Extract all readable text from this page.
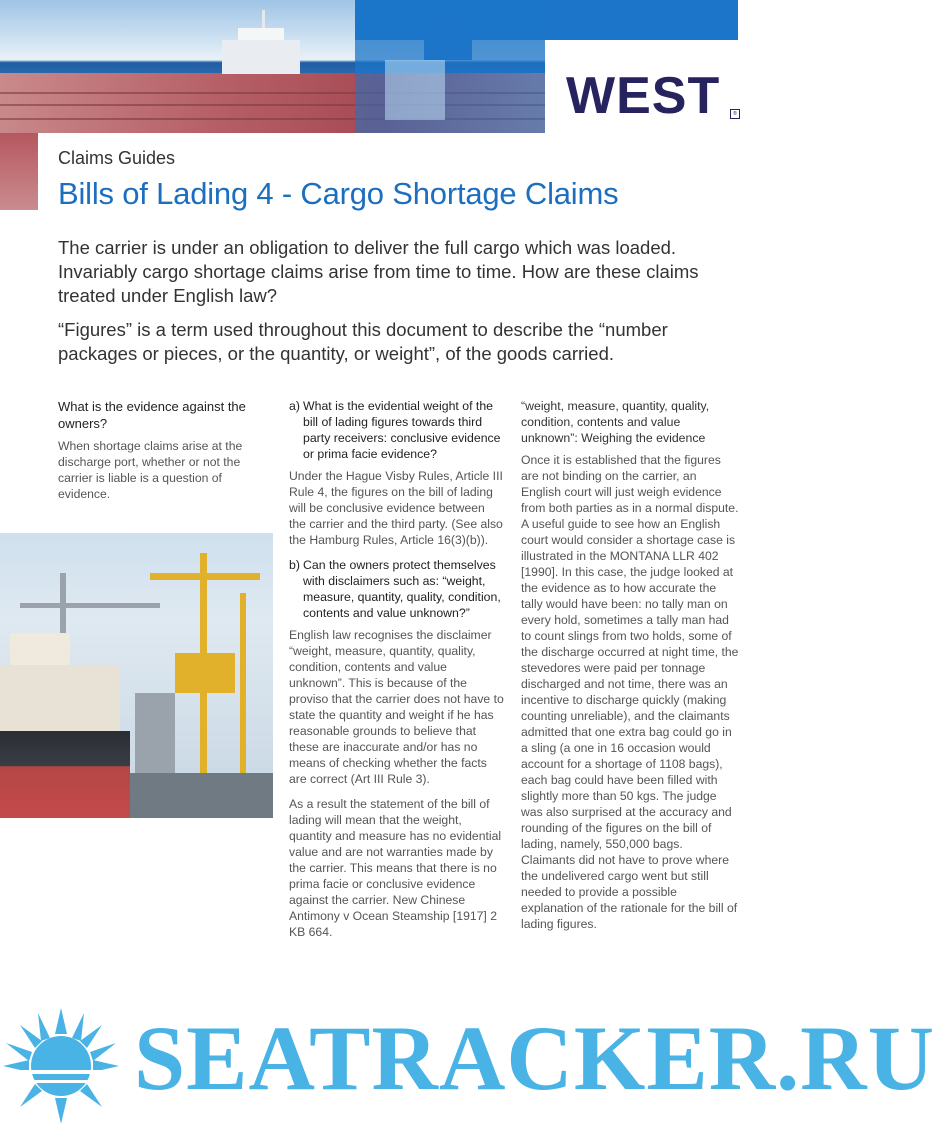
WEST	®
Claims Guides
Bills of Lading 4 - Cargo Shortage Claims

The carrier is under an obligation to deliver the full cargo which was loaded. Invariably cargo shortage claims arise from time to time. How are these claims treated under English law?

“Figures” is a term used throughout this document to describe the “number packages or pieces, or the quantity, or weight”, of the goods carried.

What is the evidence against the owners?

When shortage claims arise at the discharge port, whether or not the carrier is liable is a question of evidence.

a) What is the evidential weight of the bill of lading figures towards third party receivers: conclusive evidence or prima facie evidence?

Under the Hague Visby Rules, Article III Rule 4, the figures on the bill of lading will be conclusive evidence between the carrier and the third party. (See also the Hamburg Rules, Article 16(3)(b)).

b) Can the owners protect themselves with disclaimers such as: “weight, measure, quantity, quality, condition, contents and value unknown?”

English law recognises the disclaimer “weight, measure, quantity, quality, condition, contents and value unknown”. This is because of the proviso that the carrier does not have to state the quantity and weight if he has reasonable grounds to believe that these are inaccurate and/or has no means of checking whether the facts are correct (Art III Rule 3).

As a result the statement of the bill of lading will mean that the weight, quantity and measure has no evidential value and are not warranties made by the carrier. This means that there is no prima facie or conclusive evidence against the carrier. New Chinese Antimony v Ocean Steamship [1917] 2 KB 664.

“weight, measure, quantity, quality, condition, contents and value unknown”: Weighing the evidence

Once it is established that the figures are not binding on the carrier, an English court will just weigh evidence from both parties as in a normal dispute. A useful guide to see how an English court would consider a shortage case is illustrated in the MONTANA LLR 402 [1990]. In this case, the judge looked at the evidence as to how accurate the tally would have been: no tally man on every hold, sometimes a tally man had to count slings from two holds, some of the discharge occurred at night time, the stevedores were paid per tonnage discharged and not time, there was an incentive to discharge quickly (making counting unreliable), and the claimants admitted that one extra bag could go in a sling (a one in 16 occasion would account for a shortage of 1108 bags), each bag could have been filled with slightly more than 50 kgs. The judge was also surprised at the accuracy and rounding of the figures on the bill of lading, namely, 550,000 bags. Claimants did not have to prove where the undelivered cargo went but still needed to provide a possible explanation of the rationale for the bill of lading figures.

SEATRACKER.RU
